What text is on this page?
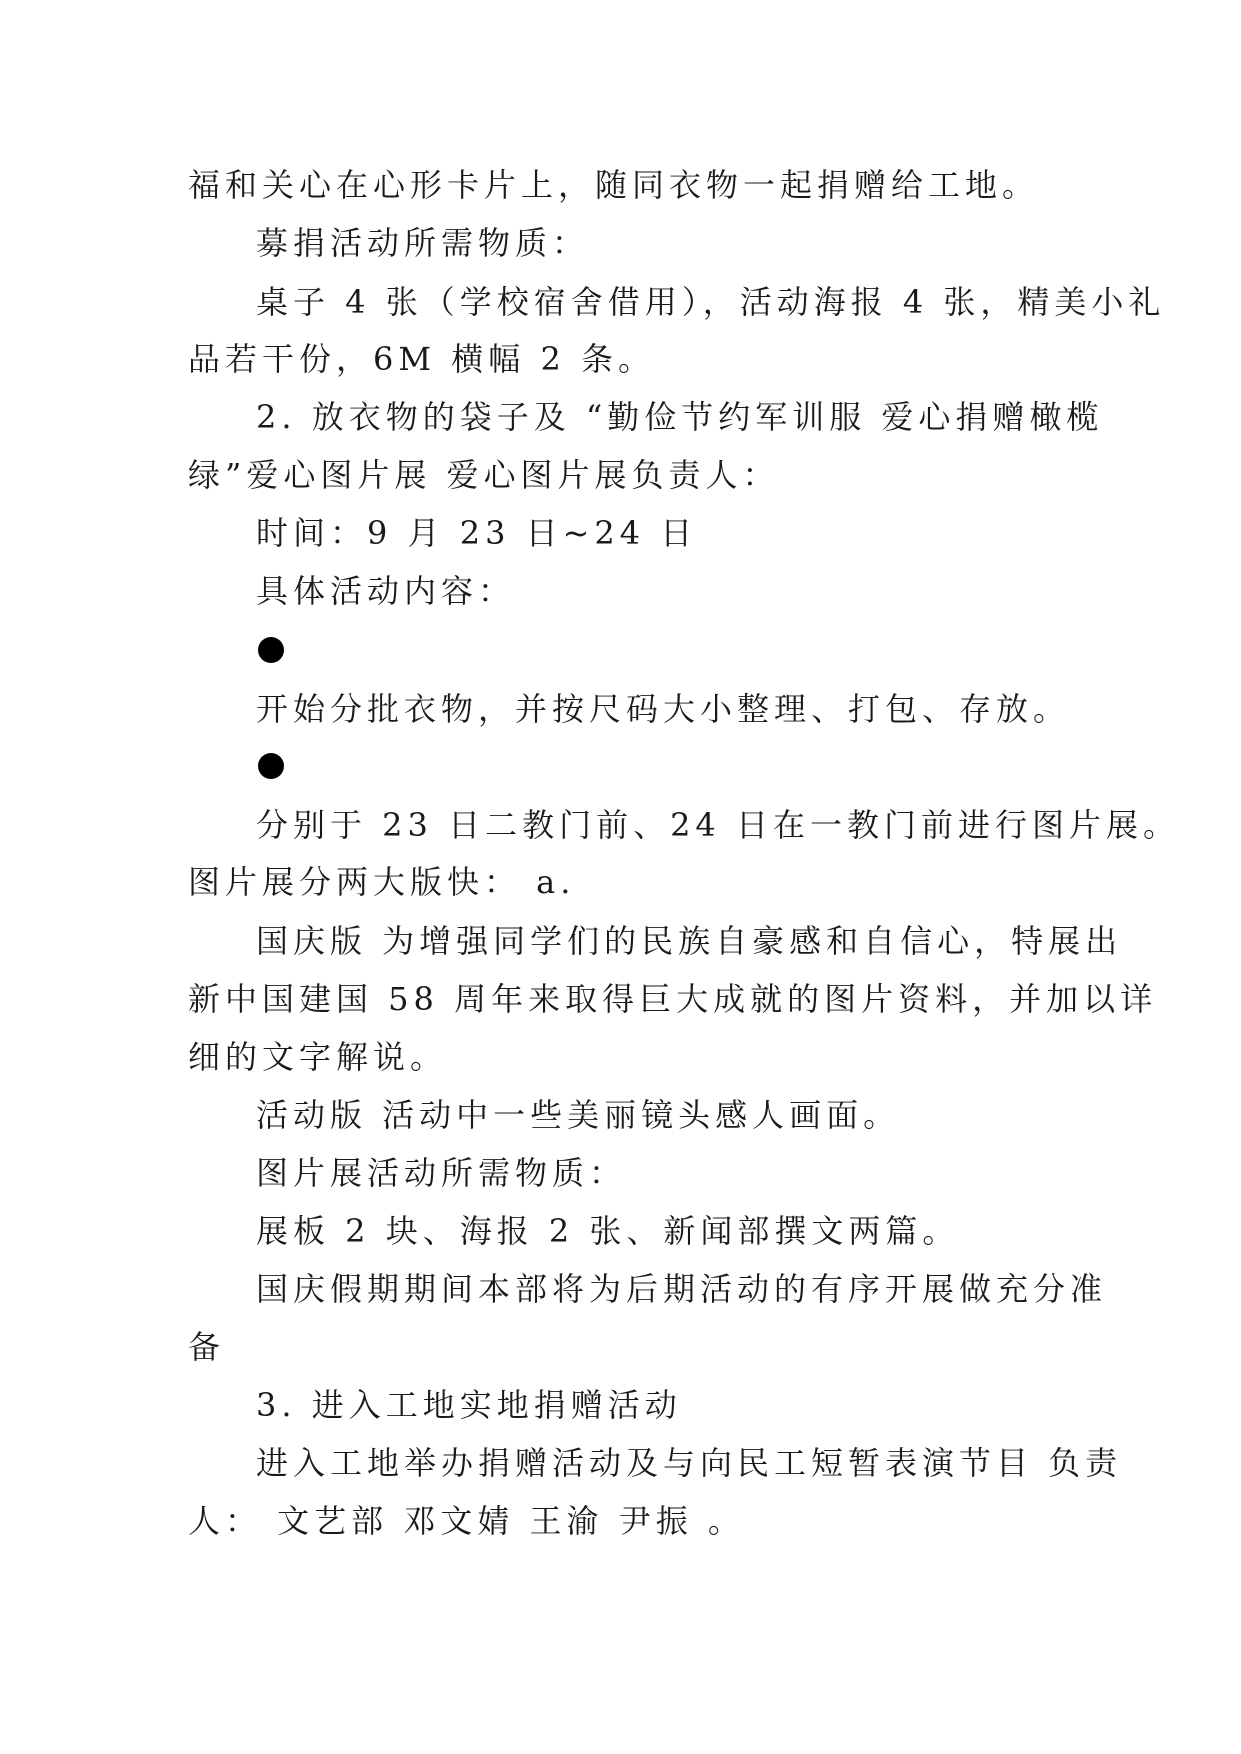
福和关心在心形卡片上，随同衣物一起捐赠给工地。
募捐活动所需物质：
桌子 4 张（学校宿舍借用），活动海报 4 张，精美小礼
品若干份，6M 横幅 2 条。
2. 放衣物的袋子及 “勤俭节约军训服 爱心捐赠橄榄
绿”爱心图片展 爱心图片展负责人：
时间：9 月 23 日~24 日
具体活动内容：
开始分批衣物，并按尺码大小整理、打包、存放。
分别于 23 日二教门前、24 日在一教门前进行图片展。
图片展分两大版快： a.
国庆版 为增强同学们的民族自豪感和自信心，特展出
新中国建国 58 周年来取得巨大成就的图片资料，并加以详
细的文字解说。
活动版 活动中一些美丽镜头感人画面。
图片展活动所需物质：
展板 2 块、海报 2 张、新闻部撰文两篇。
国庆假期期间本部将为后期活动的有序开展做充分准
备
3. 进入工地实地捐赠活动
进入工地举办捐赠活动及与向民工短暂表演节目 负责
人： 文艺部 邓文婧 王渝 尹振 。
